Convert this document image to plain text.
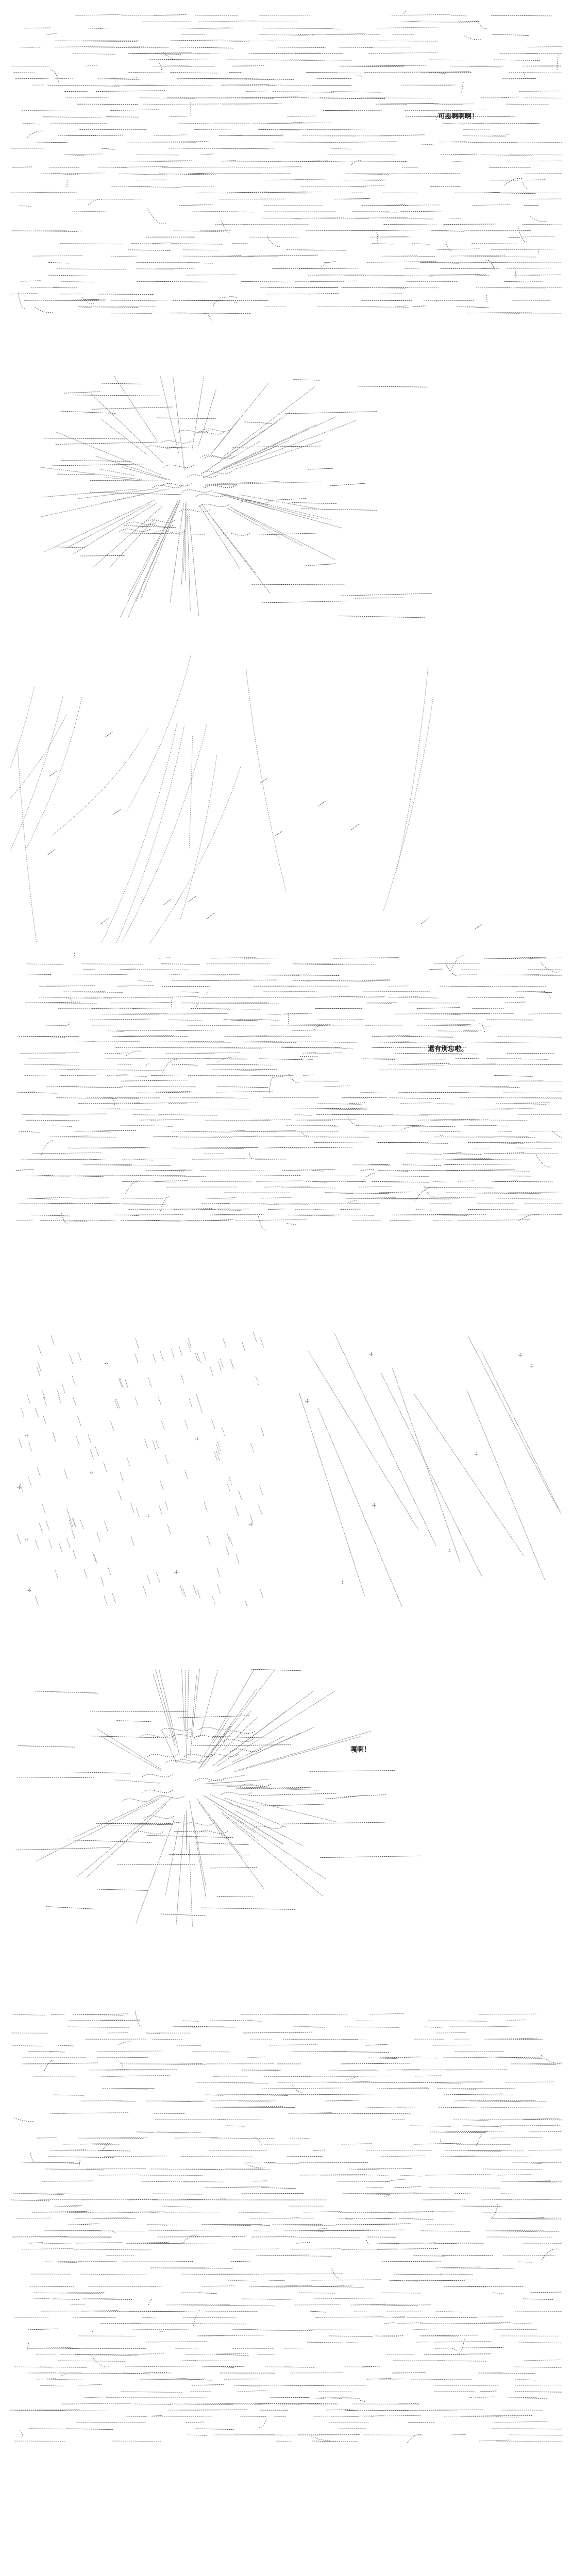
可惡啊啊啊！
還有別忘啦。
嘎啊！
